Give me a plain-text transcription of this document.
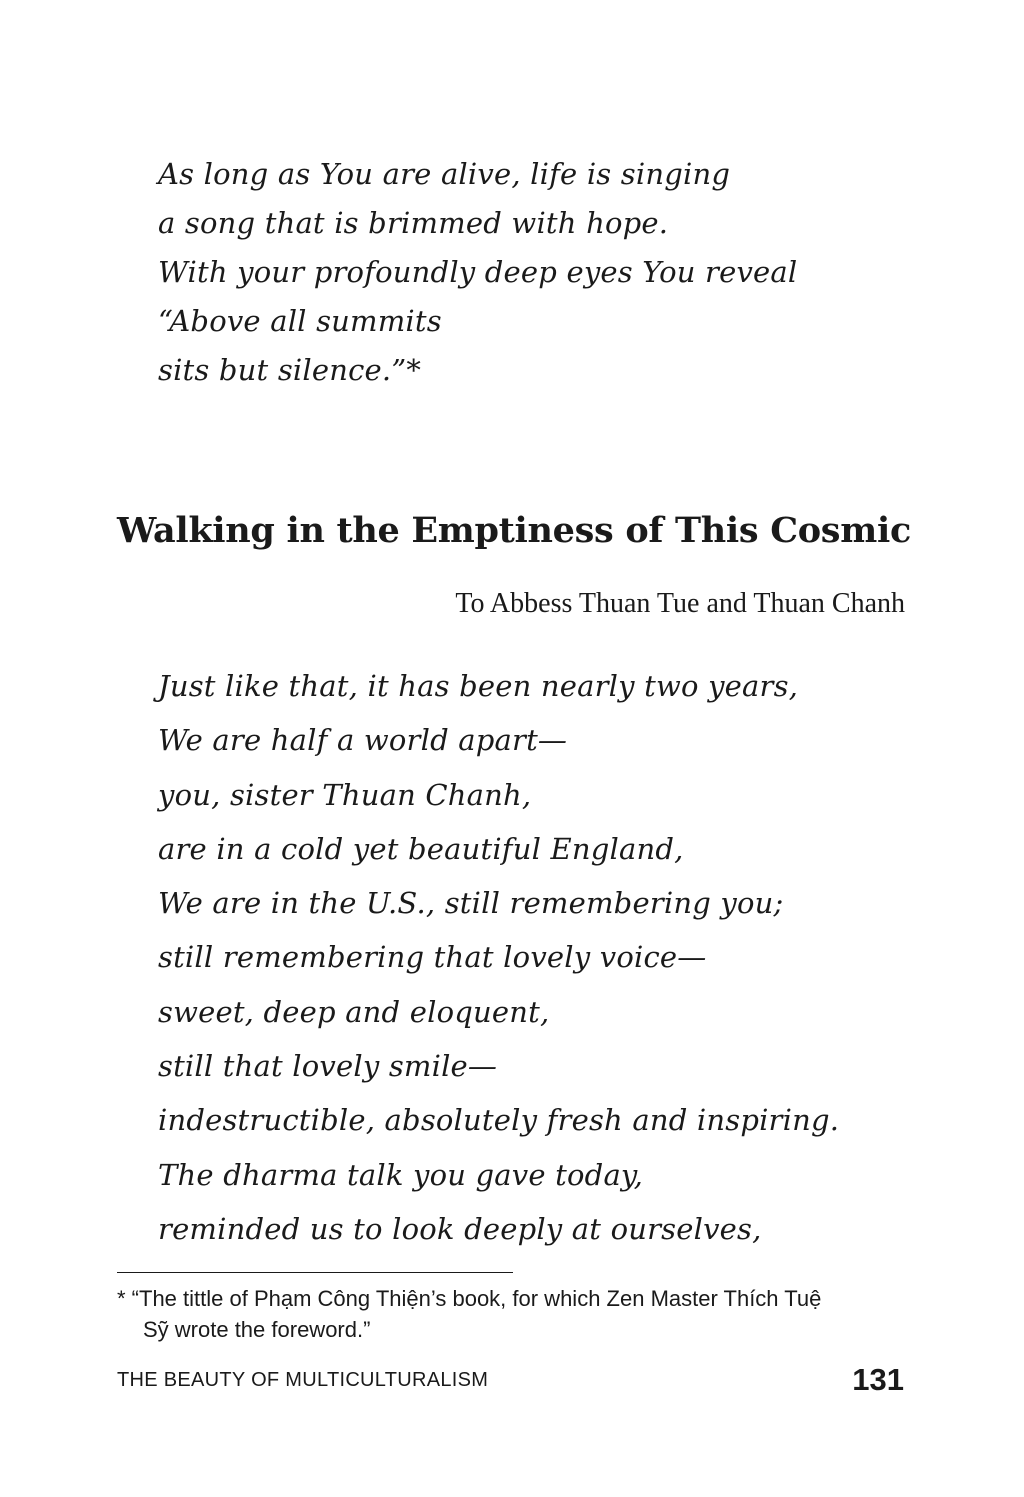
As long as You are alive, life is singing
a song that is brimmed with hope.
With your profoundly deep eyes You reveal
“Above all summits
sits but silence.”*
Walking in the Emptiness of This Cosmic

To Abbess Thuan Tue and Thuan Chanh

Just like that, it has been nearly two years,
We are half a world apart—
you, sister Thuan Chanh,
are in a cold yet beautiful England,
We are in the U.S., still remembering you;
still remembering that lovely voice—
sweet, deep and eloquent,
still that lovely smile—
indestructible, absolutely fresh and inspiring.
The dharma talk you gave today,
reminded us to look deeply at ourselves,

* “The tittle of Phạm Công Thiện’s book, for which Zen Master Thích Tuệ
Sỹ wrote the foreword.”

THE BEAUTY OF MULTICULTURALISM	131
